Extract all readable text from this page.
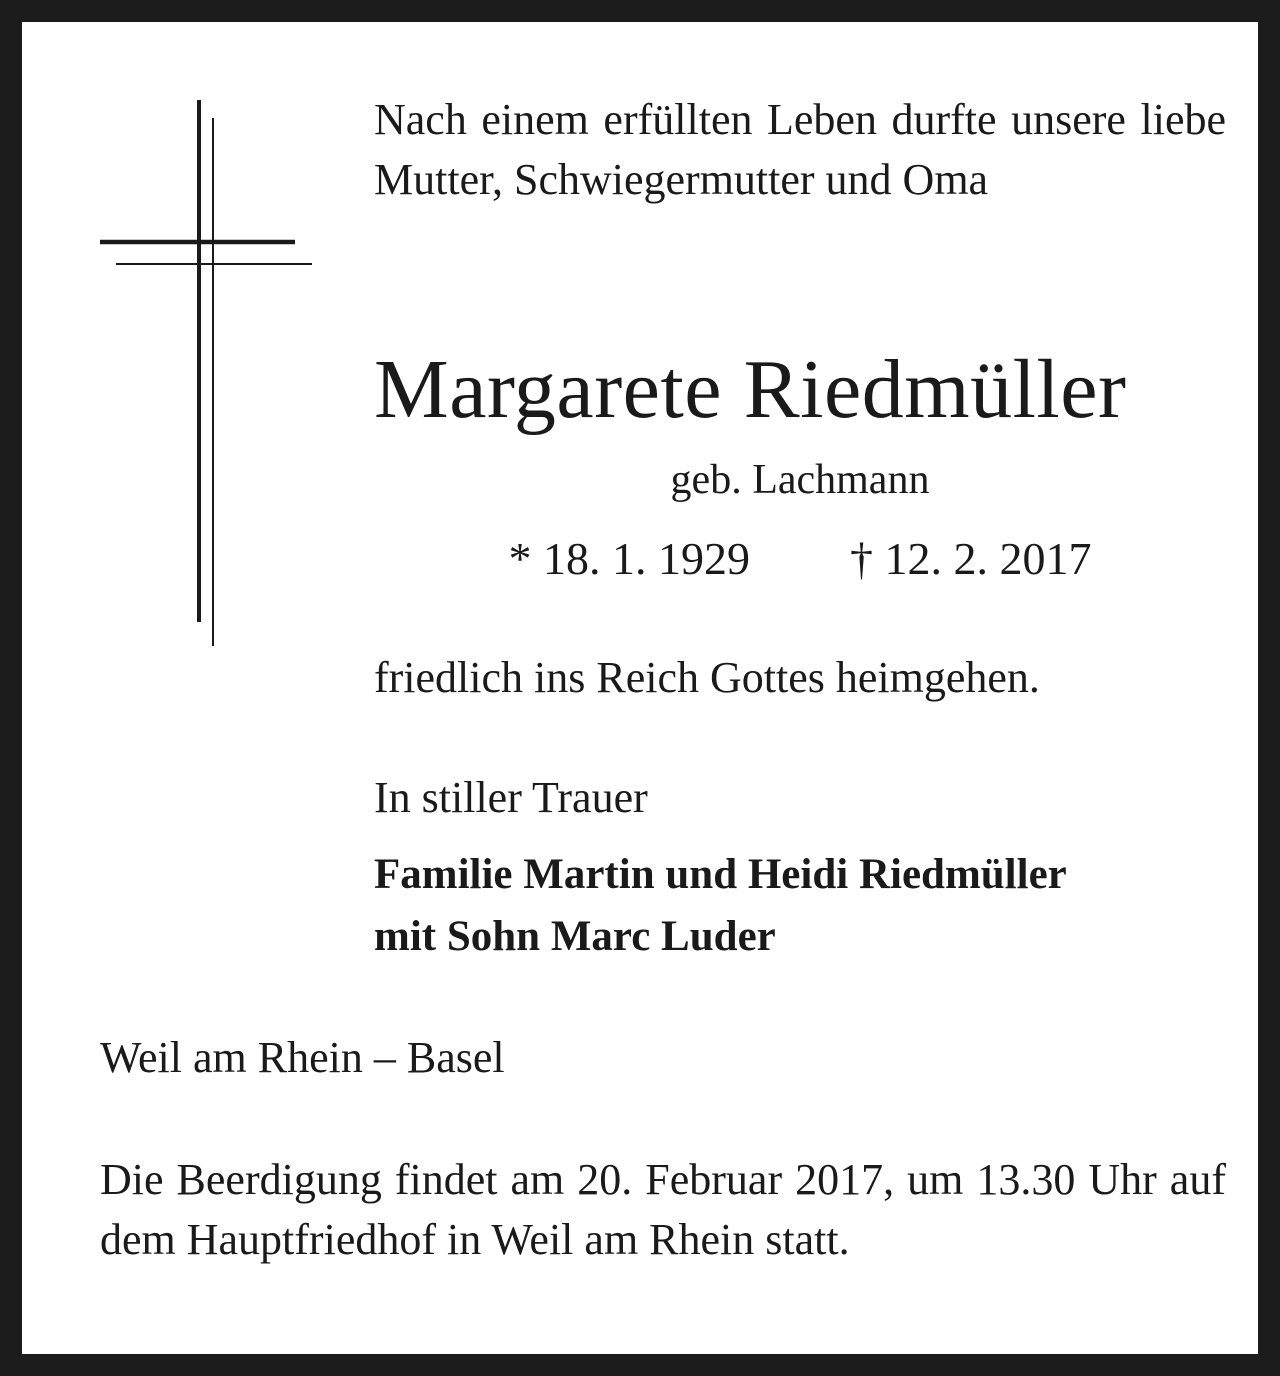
Nach einem erfüllten Leben durfte unsere liebe Mutter, Schwiegermutter und Oma
Margarete Riedmüller
geb. Lachmann
* 18. 1. 1929 † 12. 2. 2017
friedlich ins Reich Gottes heimgehen.
In stiller Trauer
Familie Martin und Heidi Riedmüller
mit Sohn Marc Luder
Weil am Rhein – Basel
Die Beerdigung findet am 20. Februar 2017, um 13.30 Uhr auf dem Hauptfriedhof in Weil am Rhein statt.
